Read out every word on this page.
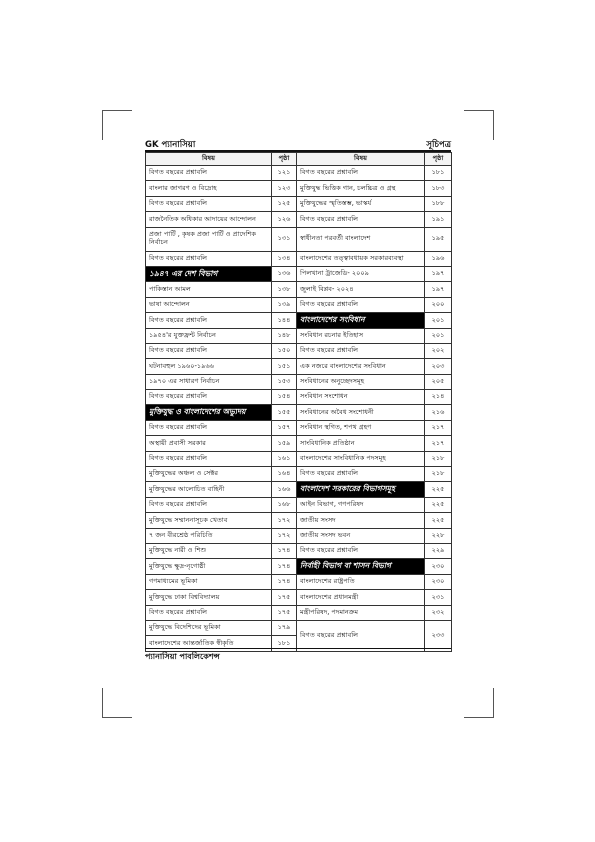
GK প্যানাসিয়া	সূচিপত্র
বিষয়	পৃষ্ঠা	বিষয়	পৃষ্ঠা
বিগত বছরের প্রশ্নাবলি	১২১	বিগত বছরের প্রশ্নাবলি	১৮১
বাংলার জাগরণ ও বিদ্রোহ	১২৩	মুক্তিযুদ্ধ ভিত্তিক গান, চলচ্চিত্র ও গ্রন্থ	১৮৩
বিগত বছরের প্রশ্নাবলি	১২৫	মুক্তিযুদ্ধের স্মৃতিস্তম্ভ, ভাস্কর্য	১৮৮
রাজনৈতিক অধিকার আদায়ের আন্দোলন	১২৬	বিগত বছরের প্রশ্নাবলি	১৯১
প্রজা পার্টি , কৃষক প্রজা পার্টি ও প্রাদেশিক নির্বাচন	১৩১	স্বাধীনতা পরবর্তী বাংলাদেশ	১৯৫
বিগত বছরের প্রশ্নাবলি	১৩৪	বাংলাদেশের তত্ত্বাবধায়ক সরকারব্যবস্থা	১৯৬
১৯৪৭ এর দেশ বিভাগ	১৩৬	পিলখানা ট্রাজেডি- ২০০৯	১৯৭
পাকিস্তান আমল	১৩৮	জুলাই বিপ্লব- ২০২৪	১৯৭
ভাষা আন্দোলন	১৩৯	বিগত বছরের প্রশ্নাবলি	২০০
বিগত বছরের প্রশ্নাবলি	১৪৪	বাংলাদেশের সংবিধান	২০১
১৯৫৪'র যুক্তফ্রন্ট নির্বাচন	১৪৮	সংবিধান রচনার ইতিহাস	২০১
বিগত বছরের প্রশ্নাবলি	১৫০	বিগত বছরের প্রশ্নাবলি	২০২
ঘটনাবহুল ১৯৬০-১৯৬৬	১৫১	এক নজরে বাংলাদেশের সংবিধান	২০৩
১৯৭০ এর সাধারণ নির্বাচন	১৫৩	সংবিধানের অনুচ্ছেদসমূহ	২০৫
বিগত বছরের প্রশ্নাবলি	১৫৪	সংবিধান সংশোধন	২১৪
মুক্তিযুদ্ধ ও বাংলাদেশের অভ্যুদয়	১৫৫	সংবিধানের অবৈধ সংশোধনী	২১৬
বিগত বছরের প্রশ্নাবলি	১৫৭	সংবিধান স্থগিত, শপথ গ্রহণ	২১৭
অস্থায়ী প্রবাসী সরকার	১৫৯	সাংবিধানিক প্রতিষ্ঠান	২১৭
বিগত বছরের প্রশ্নাবলি	১৬১	বাংলাদেশের সাংবিধানিক পদসমূহ	২১৮
মুক্তিযুদ্ধের অঞ্চল ও সেক্টর	১৬৪	বিগত বছরের প্রশ্নাবলি	২১৮
মুক্তিযুদ্ধের আলোচিত বাহিনী	১৬৬	বাংলাদেশ সরকারের বিভাগসমূহ	২২৫
বিগত বছরের প্রশ্নাবলি	১৬৮	আইন বিভাগ, গণপরিষদ	২২৫
মুক্তিযুদ্ধে সম্মাননাসূচক খেতাব	১৭২	জাতীয় সংসদ	২২৫
৭ জন বীরশ্রেষ্ঠ পরিচিতি	১৭২	জাতীয় সংসদ ভবন	২২৮
মুক্তিযুদ্ধে নারী ও শিশু	১৭৪	বিগত বছরের প্রশ্নাবলি	২২৯
মুক্তিযুদ্ধে ক্ষুদ্র-নৃগোষ্ঠী	১৭৪	নির্বাহী বিভাগ বা শাসন বিভাগ	২৩০
গণমাধ্যমের ভূমিকা	১৭৪	বাংলাদেশের রাষ্ট্রপতি	২৩০
মুক্তিযুদ্ধে ঢাকা বিশ্ববিদ্যালয়	১৭৫	বাংলাদেশের প্রধানমন্ত্রী	২৩১
বিগত বছরের প্রশ্নাবলি	১৭৫	মন্ত্রীপরিষদ, পদমানক্রম	২৩২
মুক্তিযুদ্ধে বিদেশিদের ভূমিকা	১৭৯	বিগত বছরের প্রশ্নাবলি	২৩৩
বাংলাদেশের আন্তর্জাতিক স্বীকৃতি	১৮১		
প্যানাসিয়া পাবলিকেশন্স
